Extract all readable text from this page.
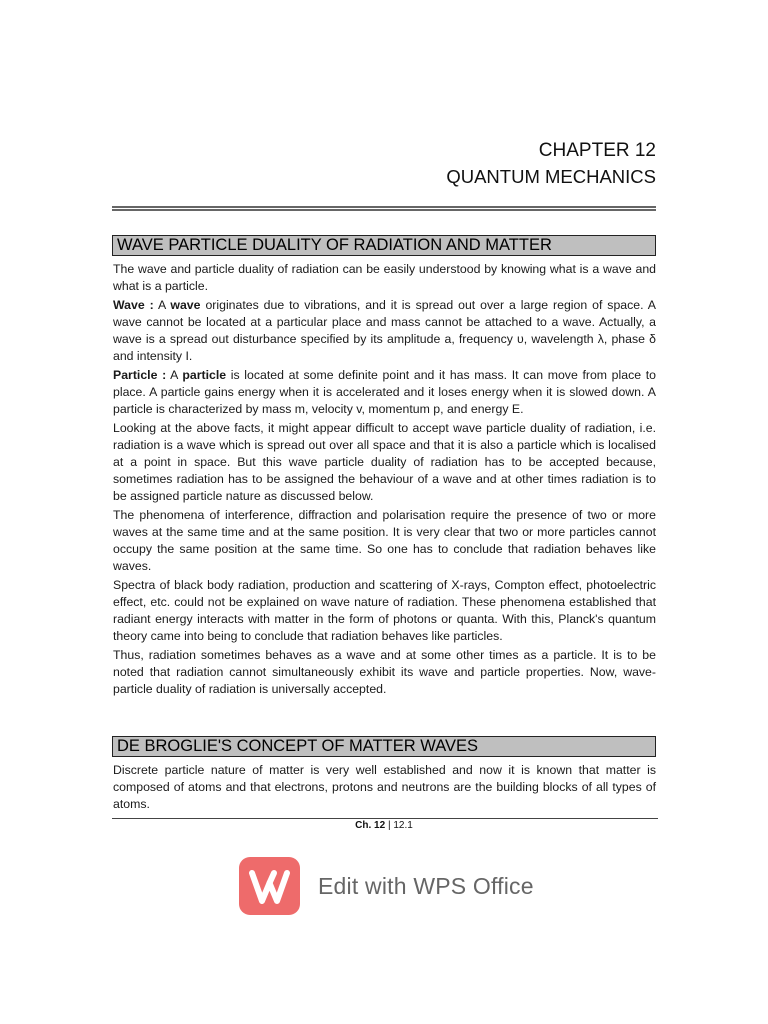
CHAPTER 12
QUANTUM MECHANICS
WAVE PARTICLE DUALITY OF RADIATION AND MATTER

The wave and particle duality of radiation can be easily understood by knowing what is a wave and what is a particle.

Wave : A wave originates due to vibrations, and it is spread out over a large region of space. A wave cannot be located at a particular place and mass cannot be attached to a wave. Actually, a wave is a spread out disturbance specified by its amplitude a, frequency υ, wavelength λ, phase δ and intensity I.

Particle : A particle is located at some definite point and it has mass. It can move from place to place. A particle gains energy when it is accelerated and it loses energy when it is slowed down. A particle is characterized by mass m, velocity v, momentum p, and energy E.

Looking at the above facts, it might appear difficult to accept wave particle duality of radiation, i.e. radiation is a wave which is spread out over all space and that it is also a particle which is localised at a point in space. But this wave particle duality of radiation has to be accepted because, sometimes radiation has to be assigned the behaviour of a wave and at other times radiation is to be assigned particle nature as discussed below.

The phenomena of interference, diffraction and polarisation require the presence of two or more waves at the same time and at the same position. It is very clear that two or more particles cannot occupy the same position at the same time. So one has to conclude that radiation behaves like waves.

Spectra of black body radiation, production and scattering of X-rays, Compton effect, photoelectric effect, etc. could not be explained on wave nature of radiation. These phenomena established that radiant energy interacts with matter in the form of photons or quanta. With this, Planck's quantum theory came into being to conclude that radiation behaves like particles.

Thus, radiation sometimes behaves as a wave and at some other times as a particle. It is to be noted that radiation cannot simultaneously exhibit its wave and particle properties. Now, wave-particle duality of radiation is universally accepted.

DE BROGLIE'S CONCEPT OF MATTER WAVES

Discrete particle nature of matter is very well established and now it is known that matter is composed of atoms and that electrons, protons and neutrons are the building blocks of all types of atoms.

Ch. 12 | 12.1
Edit with WPS Office
